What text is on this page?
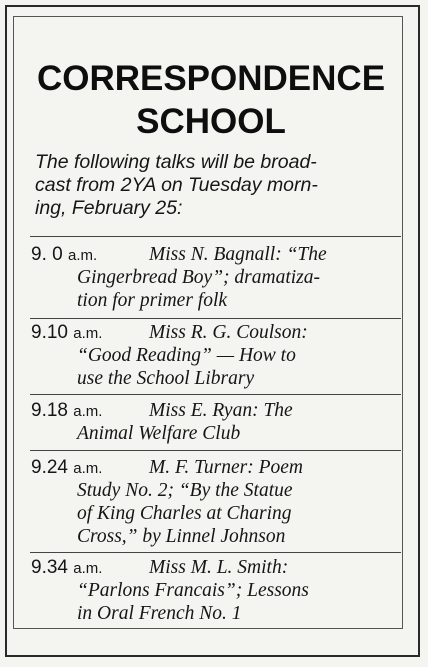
CORRESPONDENCE
SCHOOL
The following talks will be broad-
cast from 2YA on Tuesday morn-
ing, February 25:
9. 0 a.m.	Miss N. Bagnall: “The
Gingerbread Boy”; dramatiza-
tion for primer folk
9.10 a.m.	Miss R. G. Coulson:
“Good Reading” — How to
use the School Library
9.18 a.m.	Miss E. Ryan: The
Animal Welfare Club
9.24 a.m.	M. F. Turner: Poem
Study No. 2; “By the Statue
of King Charles at Charing
Cross,” by Linnel Johnson
9.34 a.m.	Miss M. L. Smith:
“Parlons Francais”; Lessons
in Oral French No. 1
